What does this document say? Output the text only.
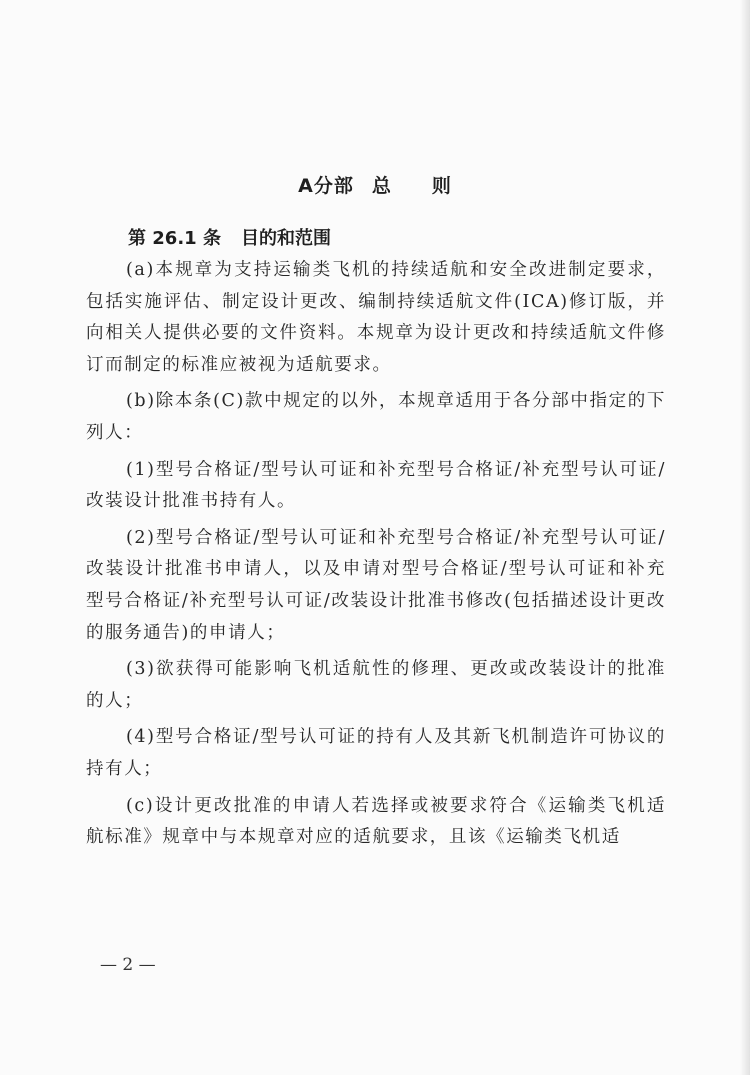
A分部 总 则
第 26.1 条 目的和范围

(a)本规章为支持运输类飞机的持续适航和安全改进制定要求，包括实施评估、制定设计更改、编制持续适航文件(ICA)修订版，并向相关人提供必要的文件资料。本规章为设计更改和持续适航文件修订而制定的标准应被视为适航要求。

(b)除本条(C)款中规定的以外，本规章适用于各分部中指定的下列人：

(1)型号合格证/型号认可证和补充型号合格证/补充型号认可证/改装设计批准书持有人。

(2)型号合格证/型号认可证和补充型号合格证/补充型号认可证/改装设计批准书申请人，以及申请对型号合格证/型号认可证和补充型号合格证/补充型号认可证/改装设计批准书修改(包括描述设计更改的服务通告)的申请人；

(3)欲获得可能影响飞机适航性的修理、更改或改装设计的批准的人；

(4)型号合格证/型号认可证的持有人及其新飞机制造许可协议的持有人；

(c)设计更改批准的申请人若选择或被要求符合《运输类飞机适航标准》规章中与本规章对应的适航要求，且该《运输类飞机适

— 2 —
